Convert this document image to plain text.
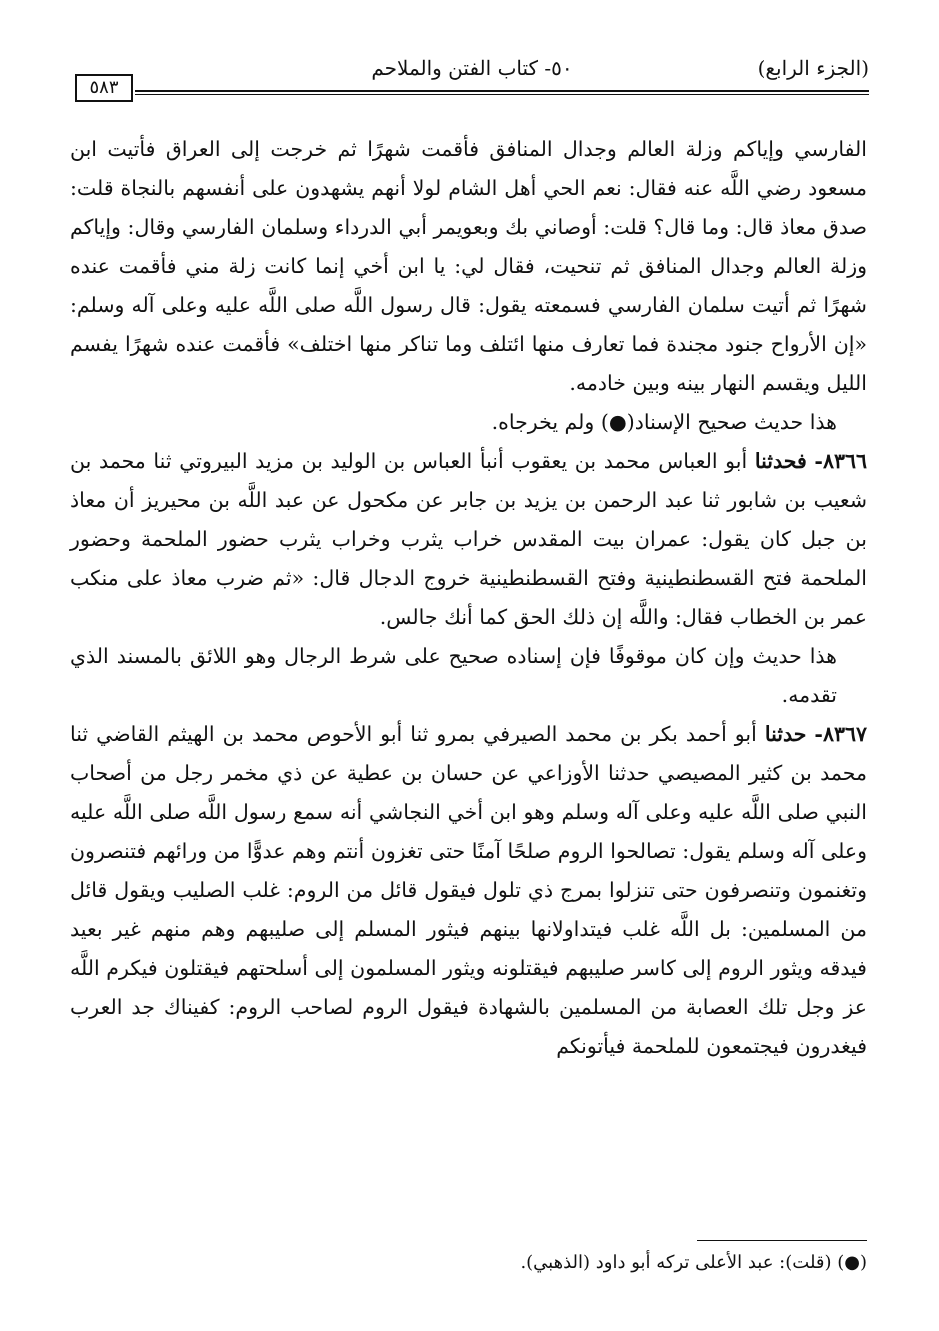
(الجزء الرابع)
٥٠- كتاب الفتن والملاحم
٥٨٣

الفارسي وإياكم وزلة العالم وجدال المنافق فأقمت شهرًا ثم خرجت إلى العراق فأتيت ابن مسعود رضي اللَّه عنه فقال: نعم الحي أهل الشام لولا أنهم يشهدون على أنفسهم بالنجاة قلت: صدق معاذ قال: وما قال؟ قلت: أوصاني بك وبعويمر أبي الدرداء وسلمان الفارسي وقال: وإياكم وزلة العالم وجدال المنافق ثم تنحيت، فقال لي: يا ابن أخي إنما كانت زلة مني فأقمت عنده شهرًا ثم أتيت سلمان الفارسي فسمعته يقول: قال رسول اللَّه صلى اللَّه عليه وعلى آله وسلم: «إن الأرواح جنود مجندة فما تعارف منها ائتلف وما تناكر منها اختلف» فأقمت عنده شهرًا يفسم الليل ويقسم النهار بينه وبين خادمه.

هذا حديث صحيح الإسناد(●) ولم يخرجاه.

٨٣٦٦- فحدثنا أبو العباس محمد بن يعقوب أنبأ العباس بن الوليد بن مزيد البيروتي ثنا محمد بن شعيب بن شابور ثنا عبد الرحمن بن يزيد بن جابر عن مكحول عن عبد اللَّه بن محيريز أن معاذ بن جبل كان يقول: عمران بيت المقدس خراب يثرب وخراب يثرب حضور الملحمة وحضور الملحمة فتح القسطنطينية وفتح القسطنطينية خروج الدجال قال: «ثم ضرب معاذ على منكب عمر بن الخطاب فقال: واللَّه إن ذلك الحق كما أنك جالس.

هذا حديث وإن كان موقوفًا فإن إسناده صحيح على شرط الرجال وهو اللائق بالمسند الذي تقدمه.

٨٣٦٧- حدثنا أبو أحمد بكر بن محمد الصيرفي بمرو ثنا أبو الأحوص محمد بن الهيثم القاضي ثنا محمد بن كثير المصيصي حدثنا الأوزاعي عن حسان بن عطية عن ذي مخمر رجل من أصحاب النبي صلى اللَّه عليه وعلى آله وسلم وهو ابن أخي النجاشي أنه سمع رسول اللَّه صلى اللَّه عليه وعلى آله وسلم يقول: تصالحوا الروم صلحًا آمنًا حتى تغزون أنتم وهم عدوًّا من ورائهم فتنصرون وتغنمون وتنصرفون حتى تنزلوا بمرج ذي تلول فيقول قائل من الروم: غلب الصليب ويقول قائل من المسلمين: بل اللَّه غلب فيتداولانها بينهم فيثور المسلم إلى صليبهم وهم منهم غير بعيد فيدقه ويثور الروم إلى كاسر صليبهم فيقتلونه ويثور المسلمون إلى أسلحتهم فيقتلون فيكرم اللَّه عز وجل تلك العصابة من المسلمين بالشهادة فيقول الروم لصاحب الروم: كفيناك جد العرب فيغدرون فيجتمعون للملحمة فيأتونكم

(●) (قلت): عبد الأعلى تركه أبو داود (الذهبي).
